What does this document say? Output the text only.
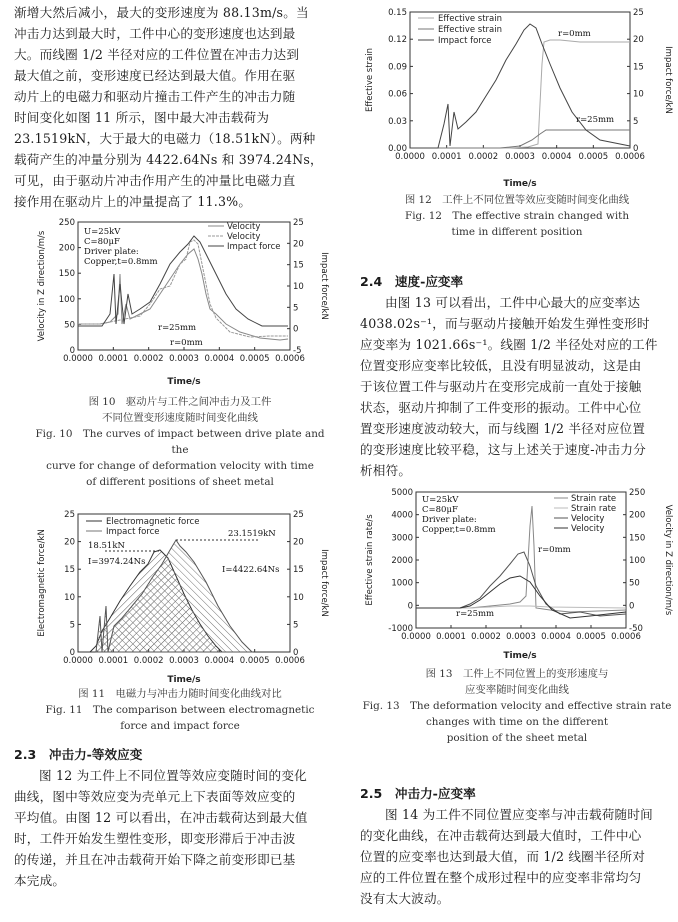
渐增大然后减小，最大的变形速度为 88.13m/s。当

冲击力达到最大时，工件中心的变形速度也达到最

大。而线圈 1/2 半径对应的工件位置在冲击力达到

最大值之前，变形速度已经达到最大值。作用在驱

动片上的电磁力和驱动片撞击工件产生的冲击力随

时间变化如图 11 所示，图中最大冲击载荷为

23.1519kN，大于最大的电磁力（18.51kN）。两种

载荷产生的冲量分别为 4422.64Ns 和 3974.24Ns，

可见，由于驱动片冲击作用产生的冲量比电磁力直

接作用在驱动片上的冲量提高了 11.3%。

0
50
100
150
200
250
-5
0
5
10
15
20
25
0.0000 0.0001 0.0002 0.0003 0.0004 0.0005 0.0006
Time/s
Velocity in Z direction/m/s	Impact force/kN
U=25kV
C=80μF
Driver plate:
Copper,t=0.8mm
Velocity
Velocity
Impact force
r=25mm
r=0mm

图 10　驱动片与工件之间冲击力及工件

不同位置变形速度随时间变化曲线

Fig. 10　The curves of impact between drive plate and the

curve for change of deformation velocity with time

of different positions of sheet metal

0
5
10
15
20
25
0
5
10
15
20
25
0.0000 0.0001 0.0002 0.0003 0.0004 0.0005 0.0006
Time/s
Electromagnetic force/kN	Impact force/kN
Electromagnetic force
Impact force
18.51kN
23.1519kN
I=3974.24Ns
I=4422.64Ns

图 11　电磁力与冲击力随时间变化曲线对比

Fig. 11　The comparison between electromagnetic

force and impact force

2.3　冲击力-等效应变

图 12 为工件上不同位置等效应变随时间的变化

曲线，图中等效应变为壳单元上下表面等效应变的

平均值。由图 12 可以看出，在冲击载荷达到最大值

时，工件开始发生塑性变形，即变形滞后于冲击波

的传递，并且在冲击载荷开始下降之前变形即已基

本完成。

0.00
0.03
0.06
0.09
0.12
0.15
0
5
10
15
20
25
0.0000 0.0001 0.0002 0.0003 0.0004 0.0005 0.0006
Time/s
Effective strain	Impact force/kN
Effective strain
Effective strain
Impact force
r=0mm
r=25mm

图 12　工件上不同位置等效应变随时间变化曲线

Fig. 12　The effective strain changed with

time in different position

2.4　速度-应变率

由图 13 可以看出，工件中心最大的应变率达

4038.02s⁻¹，而与驱动片接触开始发生弹性变形时

应变率为 1021.66s⁻¹。线圈 1/2 半径处对应的工件

位置变形应变率比较低，且没有明显波动，这是由

于该位置工件与驱动片在变形完成前一直处于接触

状态，驱动片抑制了工件变形的振动。工件中心位

置变形速度波动较大，而与线圈 1/2 半径对应位置

的变形速度比较平稳，这与上述关于速度-冲击力分

析相符。

-1000
0
1000
2000
3000
4000
5000
-50
0
50
100
150
200
250
0.0000 0.0001 0.0002 0.0003 0.0004 0.0005 0.0006
Time/s
Effective strain rate/s	Velocity in Z direction/m/s
U=25kV
C=80μF
Driver plate:
Copper,t=0.8mm
Strain rate
Strain rate
Velocity
Velocity
r=0mm
r=25mm

图 13　工件上不同位置上的变形速度与

应变率随时间变化曲线

Fig. 13　The deformation velocity and effective strain rate

changes with time on the different

position of the sheet metal

2.5　冲击力-应变率

图 14 为工件不同位置应变率与冲击载荷随时间

的变化曲线，在冲击载荷达到最大值时，工件中心

位置的应变率也达到最大值，而 1/2 线圈半径所对

应的工件位置在整个成形过程中的应变率非常均匀

没有太大波动。
